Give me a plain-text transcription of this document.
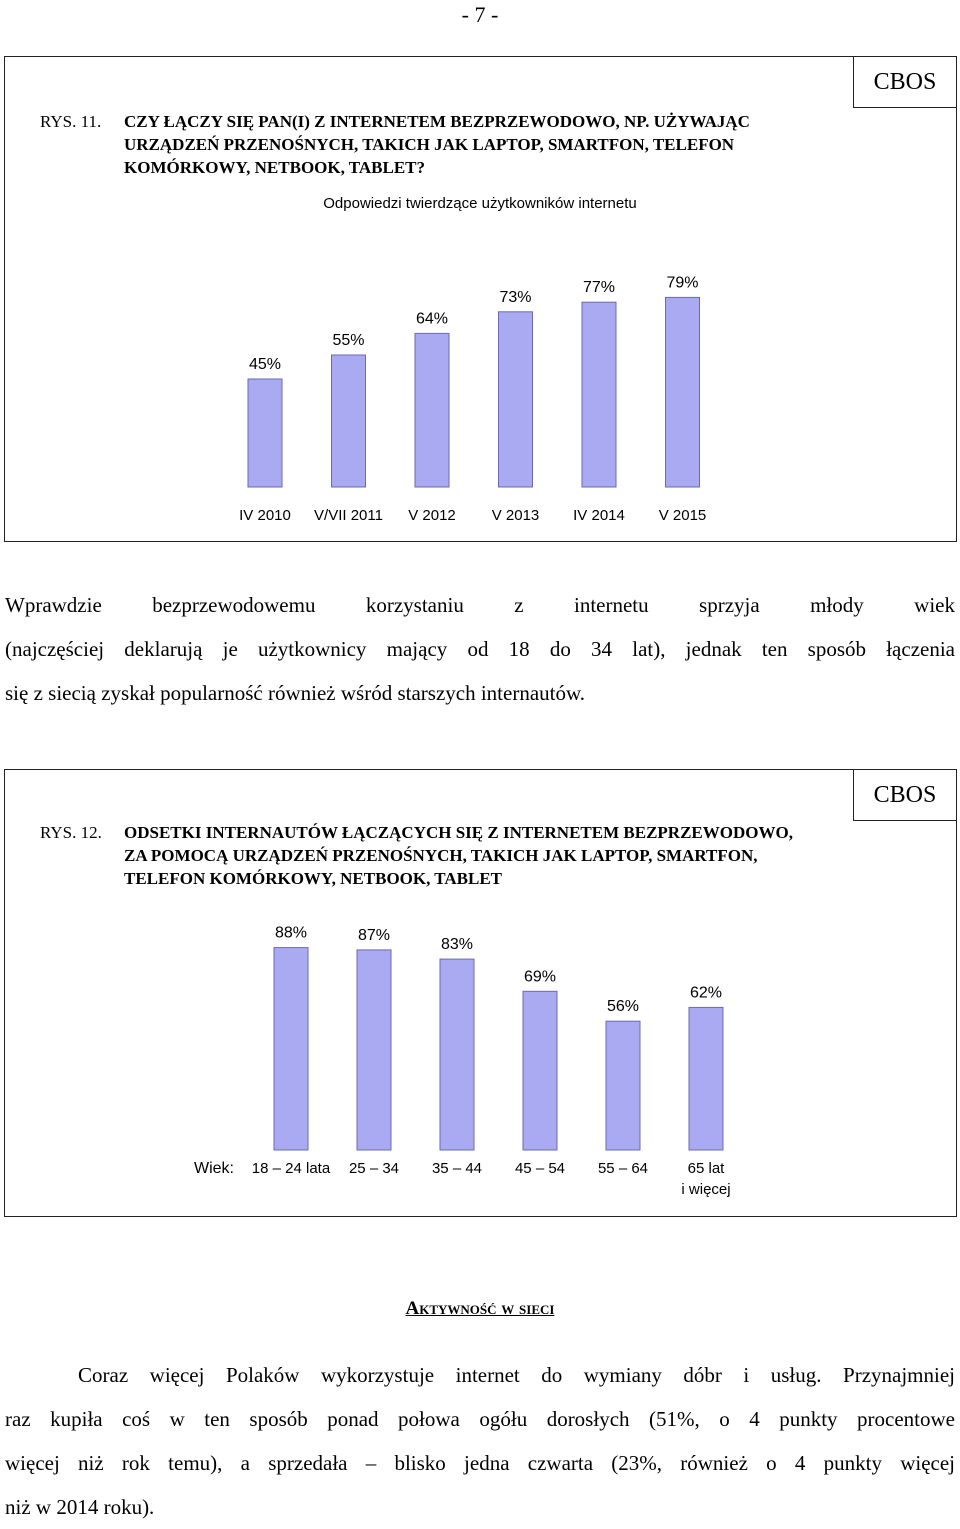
- 7 -
CBOS
RYS. 11. CZY ŁĄCZY SIĘ PAN(I) Z INTERNETEM BEZPRZEWODOWO, NP. UŻYWAJĄC
URZĄDZEŃ PRZENOŚNYCH, TAKICH JAK LAPTOP, SMARTFON, TELEFON
KOMÓRKOWY, NETBOOK, TABLET?
Odpowiedzi twierdzące użytkowników internetu
45%
55%
64%
73%
77%	79%
IV 2010 V/VII 2011 V 2012 V 2013 IV 2014 V 2015
Wprawdzie bezprzewodowemu korzystaniu z internetu sprzyja młody wiek
(najczęściej deklarują je użytkownicy mający od 18 do 34 lat), jednak ten sposób łączenia
się z siecią zyskał popularność również wśród starszych internautów.
CBOS
RYS. 12. ODSETKI INTERNAUTÓW ŁĄCZĄCYCH SIĘ Z INTERNETEM BEZPRZEWODOWO,
ZA POMOCĄ URZĄDZEŃ PRZENOŚNYCH, TAKICH JAK LAPTOP, SMARTFON,
TELEFON KOMÓRKOWY, NETBOOK, TABLET
88%	87%
83%
69%
56%
62%
Wiek: 18 – 24 lata 25 – 34 35 – 44 45 – 54 55 – 64	65 lat
i więcej
Aktywność w sieci
Coraz więcej Polaków wykorzystuje internet do wymiany dóbr i usług. Przynajmniej
raz kupiła coś w ten sposób ponad połowa ogółu dorosłych (51%, o 4 punkty procentowe
więcej niż rok temu), a sprzedała – blisko jedna czwarta (23%, również o 4 punkty więcej
niż w 2014 roku).
